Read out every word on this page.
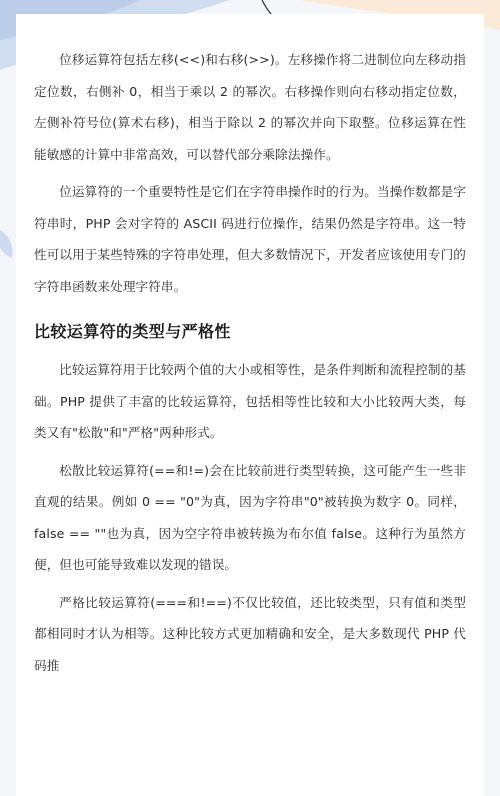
位移运算符包括左移(<<)和右移(>>)。左移操作将二进制位向左移动指定位数，右侧补 0，相当于乘以 2 的幂次。右移操作则向右移动指定位数，左侧补符号位(算术右移)，相当于除以 2 的幂次并向下取整。位移运算在性能敏感的计算中非常高效，可以替代部分乘除法操作。

位运算符的一个重要特性是它们在字符串操作时的行为。当操作数都是字符串时，PHP 会对字符的 ASCII 码进行位操作，结果仍然是字符串。这一特性可以用于某些特殊的字符串处理，但大多数情况下，开发者应该使用专门的字符串函数来处理字符串。

比较运算符的类型与严格性

比较运算符用于比较两个值的大小或相等性，是条件判断和流程控制的基础。PHP 提供了丰富的比较运算符，包括相等性比较和大小比较两大类，每类又有"松散"和"严格"两种形式。

松散比较运算符(==和!=)会在比较前进行类型转换，这可能产生一些非直观的结果。例如 0 == "0"为真，因为字符串"0"被转换为数字 0。同样，false == ""也为真，因为空字符串被转换为布尔值 false。这种行为虽然方便，但也可能导致难以发现的错误。

严格比较运算符(===和!==)不仅比较值，还比较类型，只有值和类型都相同时才认为相等。这种比较方式更加精确和安全，是大多数现代 PHP 代码推
